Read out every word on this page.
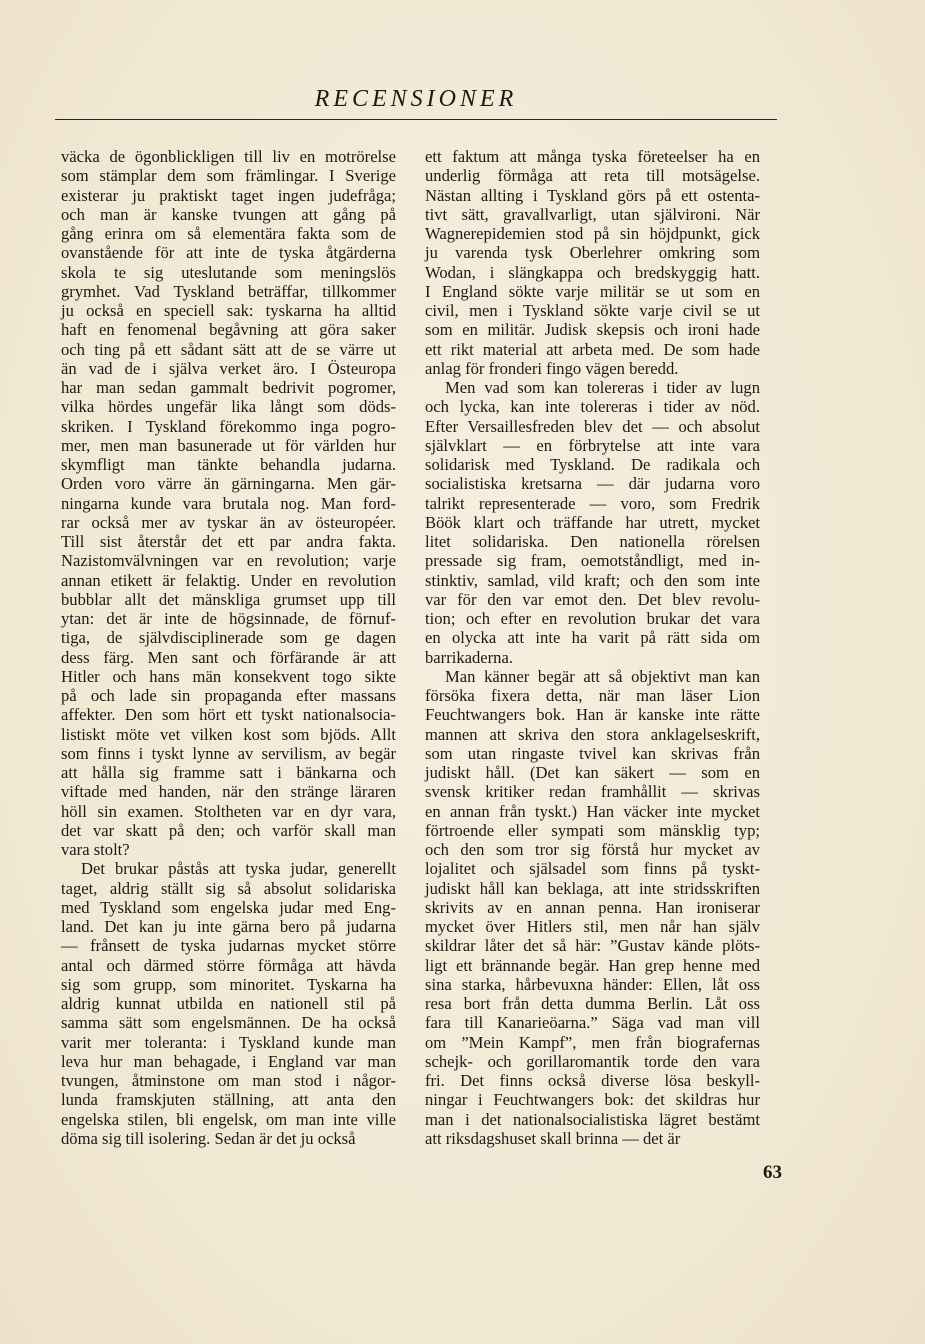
RECENSIONER
väcka de ögonblickligen till liv en motrörelse
som stämplar dem som främlingar. I Sverige
existerar ju praktiskt taget ingen judefråga;
och man är kanske tvungen att gång på
gång erinra om så elementära fakta som de
ovanstående för att inte de tyska åtgärderna
skola te sig uteslutande som meningslös
grymhet. Vad Tyskland beträffar, tillkommer
ju också en speciell sak: tyskarna ha alltid
haft en fenomenal begåvning att göra saker
och ting på ett sådant sätt att de se värre ut
än vad de i själva verket äro. I Östeuropa
har man sedan gammalt bedrivit pogromer,
vilka hördes ungefär lika långt som döds-
skriken. I Tyskland förekommo inga pogro-
mer, men man basunerade ut för världen hur
skymfligt man tänkte behandla judarna.
Orden voro värre än gärningarna. Men gär-
ningarna kunde vara brutala nog. Man ford-
rar också mer av tyskar än av östeuropéer.
Till sist återstår det ett par andra fakta.
Nazistomvälvningen var en revolution; varje
annan etikett är felaktig. Under en revolution
bubblar allt det mänskliga grumset upp till
ytan: det är inte de högsinnade, de förnuf-
tiga, de självdisciplinerade som ge dagen
dess färg. Men sant och förfärande är att
Hitler och hans män konsekvent togo sikte
på och lade sin propaganda efter massans
affekter. Den som hört ett tyskt nationalsocia-
listiskt möte vet vilken kost som bjöds. Allt
som finns i tyskt lynne av servilism, av begär
att hålla sig framme satt i bänkarna och
viftade med handen, när den stränge läraren
höll sin examen. Stoltheten var en dyr vara,
det var skatt på den; och varför skall man
vara stolt?
Det brukar påstås att tyska judar, generellt
taget, aldrig ställt sig så absolut solidariska
med Tyskland som engelska judar med Eng-
land. Det kan ju inte gärna bero på judarna
— frånsett de tyska judarnas mycket större
antal och därmed större förmåga att hävda
sig som grupp, som minoritet. Tyskarna ha
aldrig kunnat utbilda en nationell stil på
samma sätt som engelsmännen. De ha också
varit mer toleranta: i Tyskland kunde man
leva hur man behagade, i England var man
tvungen, åtminstone om man stod i någor-
lunda framskjuten ställning, att anta den
engelska stilen, bli engelsk, om man inte ville
döma sig till isolering. Sedan är det ju också
ett faktum att många tyska företeelser ha en
underlig förmåga att reta till motsägelse.
Nästan allting i Tyskland görs på ett ostenta-
tivt sätt, gravallvarligt, utan självironi. När
Wagnerepidemien stod på sin höjdpunkt, gick
ju varenda tysk Oberlehrer omkring som
Wodan, i slängkappa och bredskyggig hatt.
I England sökte varje militär se ut som en
civil, men i Tyskland sökte varje civil se ut
som en militär. Judisk skepsis och ironi hade
ett rikt material att arbeta med. De som hade
anlag för fronderi fingo vägen beredd.
Men vad som kan tolereras i tider av lugn
och lycka, kan inte tolereras i tider av nöd.
Efter Versaillesfreden blev det — och absolut
självklart — en förbrytelse att inte vara
solidarisk med Tyskland. De radikala och
socialistiska kretsarna — där judarna voro
talrikt representerade — voro, som Fredrik
Böök klart och träffande har utrett, mycket
litet solidariska. Den nationella rörelsen
pressade sig fram, oemotståndligt, med in-
stinktiv, samlad, vild kraft; och den som inte
var för den var emot den. Det blev revolu-
tion; och efter en revolution brukar det vara
en olycka att inte ha varit på rätt sida om
barrikaderna.
Man känner begär att så objektivt man kan
försöka fixera detta, när man läser Lion
Feuchtwangers bok. Han är kanske inte rätte
mannen att skriva den stora anklagelseskrift,
som utan ringaste tvivel kan skrivas från
judiskt håll. (Det kan säkert — som en
svensk kritiker redan framhållit — skrivas
en annan från tyskt.) Han väcker inte mycket
förtroende eller sympati som mänsklig typ;
och den som tror sig förstå hur mycket av
lojalitet och själsadel som finns på tyskt-
judiskt håll kan beklaga, att inte stridsskriften
skrivits av en annan penna. Han ironiserar
mycket över Hitlers stil, men når han själv
skildrar låter det så här: ”Gustav kände plöts-
ligt ett brännande begär. Han grep henne med
sina starka, hårbevuxna händer: Ellen, låt oss
resa bort från detta dumma Berlin. Låt oss
fara till Kanarieöarna.” Säga vad man vill
om ”Mein Kampf”, men från biografernas
schejk- och gorillaromantik torde den vara
fri. Det finns också diverse lösa beskyll-
ningar i Feuchtwangers bok: det skildras hur
man i det nationalsocialistiska lägret bestämt
att riksdagshuset skall brinna — det är
63
